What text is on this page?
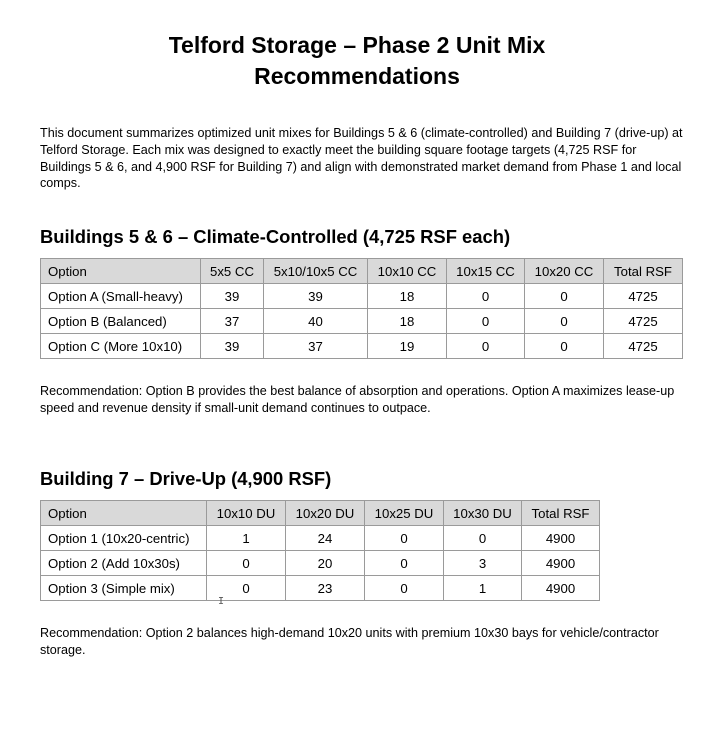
Telford Storage – Phase 2 Unit Mix
Recommendations
This document summarizes optimized unit mixes for Buildings 5 & 6 (climate-controlled) and Building 7 (drive-up) at Telford Storage. Each mix was designed to exactly meet the building square footage targets (4,725 RSF for Buildings 5 & 6, and 4,900 RSF for Building 7) and align with demonstrated market demand from Phase 1 and local comps.
Buildings 5 & 6 – Climate-Controlled (4,725 RSF each)
Option	5x5 CC	5x10/10x5 CC	10x10 CC	10x15 CC	10x20 CC	Total RSF
Option A (Small-heavy)	39	39	18	0	0	4725
Option B (Balanced)	37	40	18	0	0	4725
Option C (More 10x10)	39	37	19	0	0	4725
Recommendation: Option B provides the best balance of absorption and operations. Option A maximizes lease-up speed and revenue density if small-unit demand continues to outpace.
Building 7 – Drive-Up (4,900 RSF)
Option	10x10 DU	10x20 DU	10x25 DU	10x30 DU	Total RSF
Option 1 (10x20-centric)	1	24	0	0	4900
Option 2 (Add 10x30s)	0	20	0	3	4900
Option 3 (Simple mix)	0	23	0	1	4900
I
Recommendation: Option 2 balances high-demand 10x20 units with premium 10x30 bays for vehicle/contractor storage.
